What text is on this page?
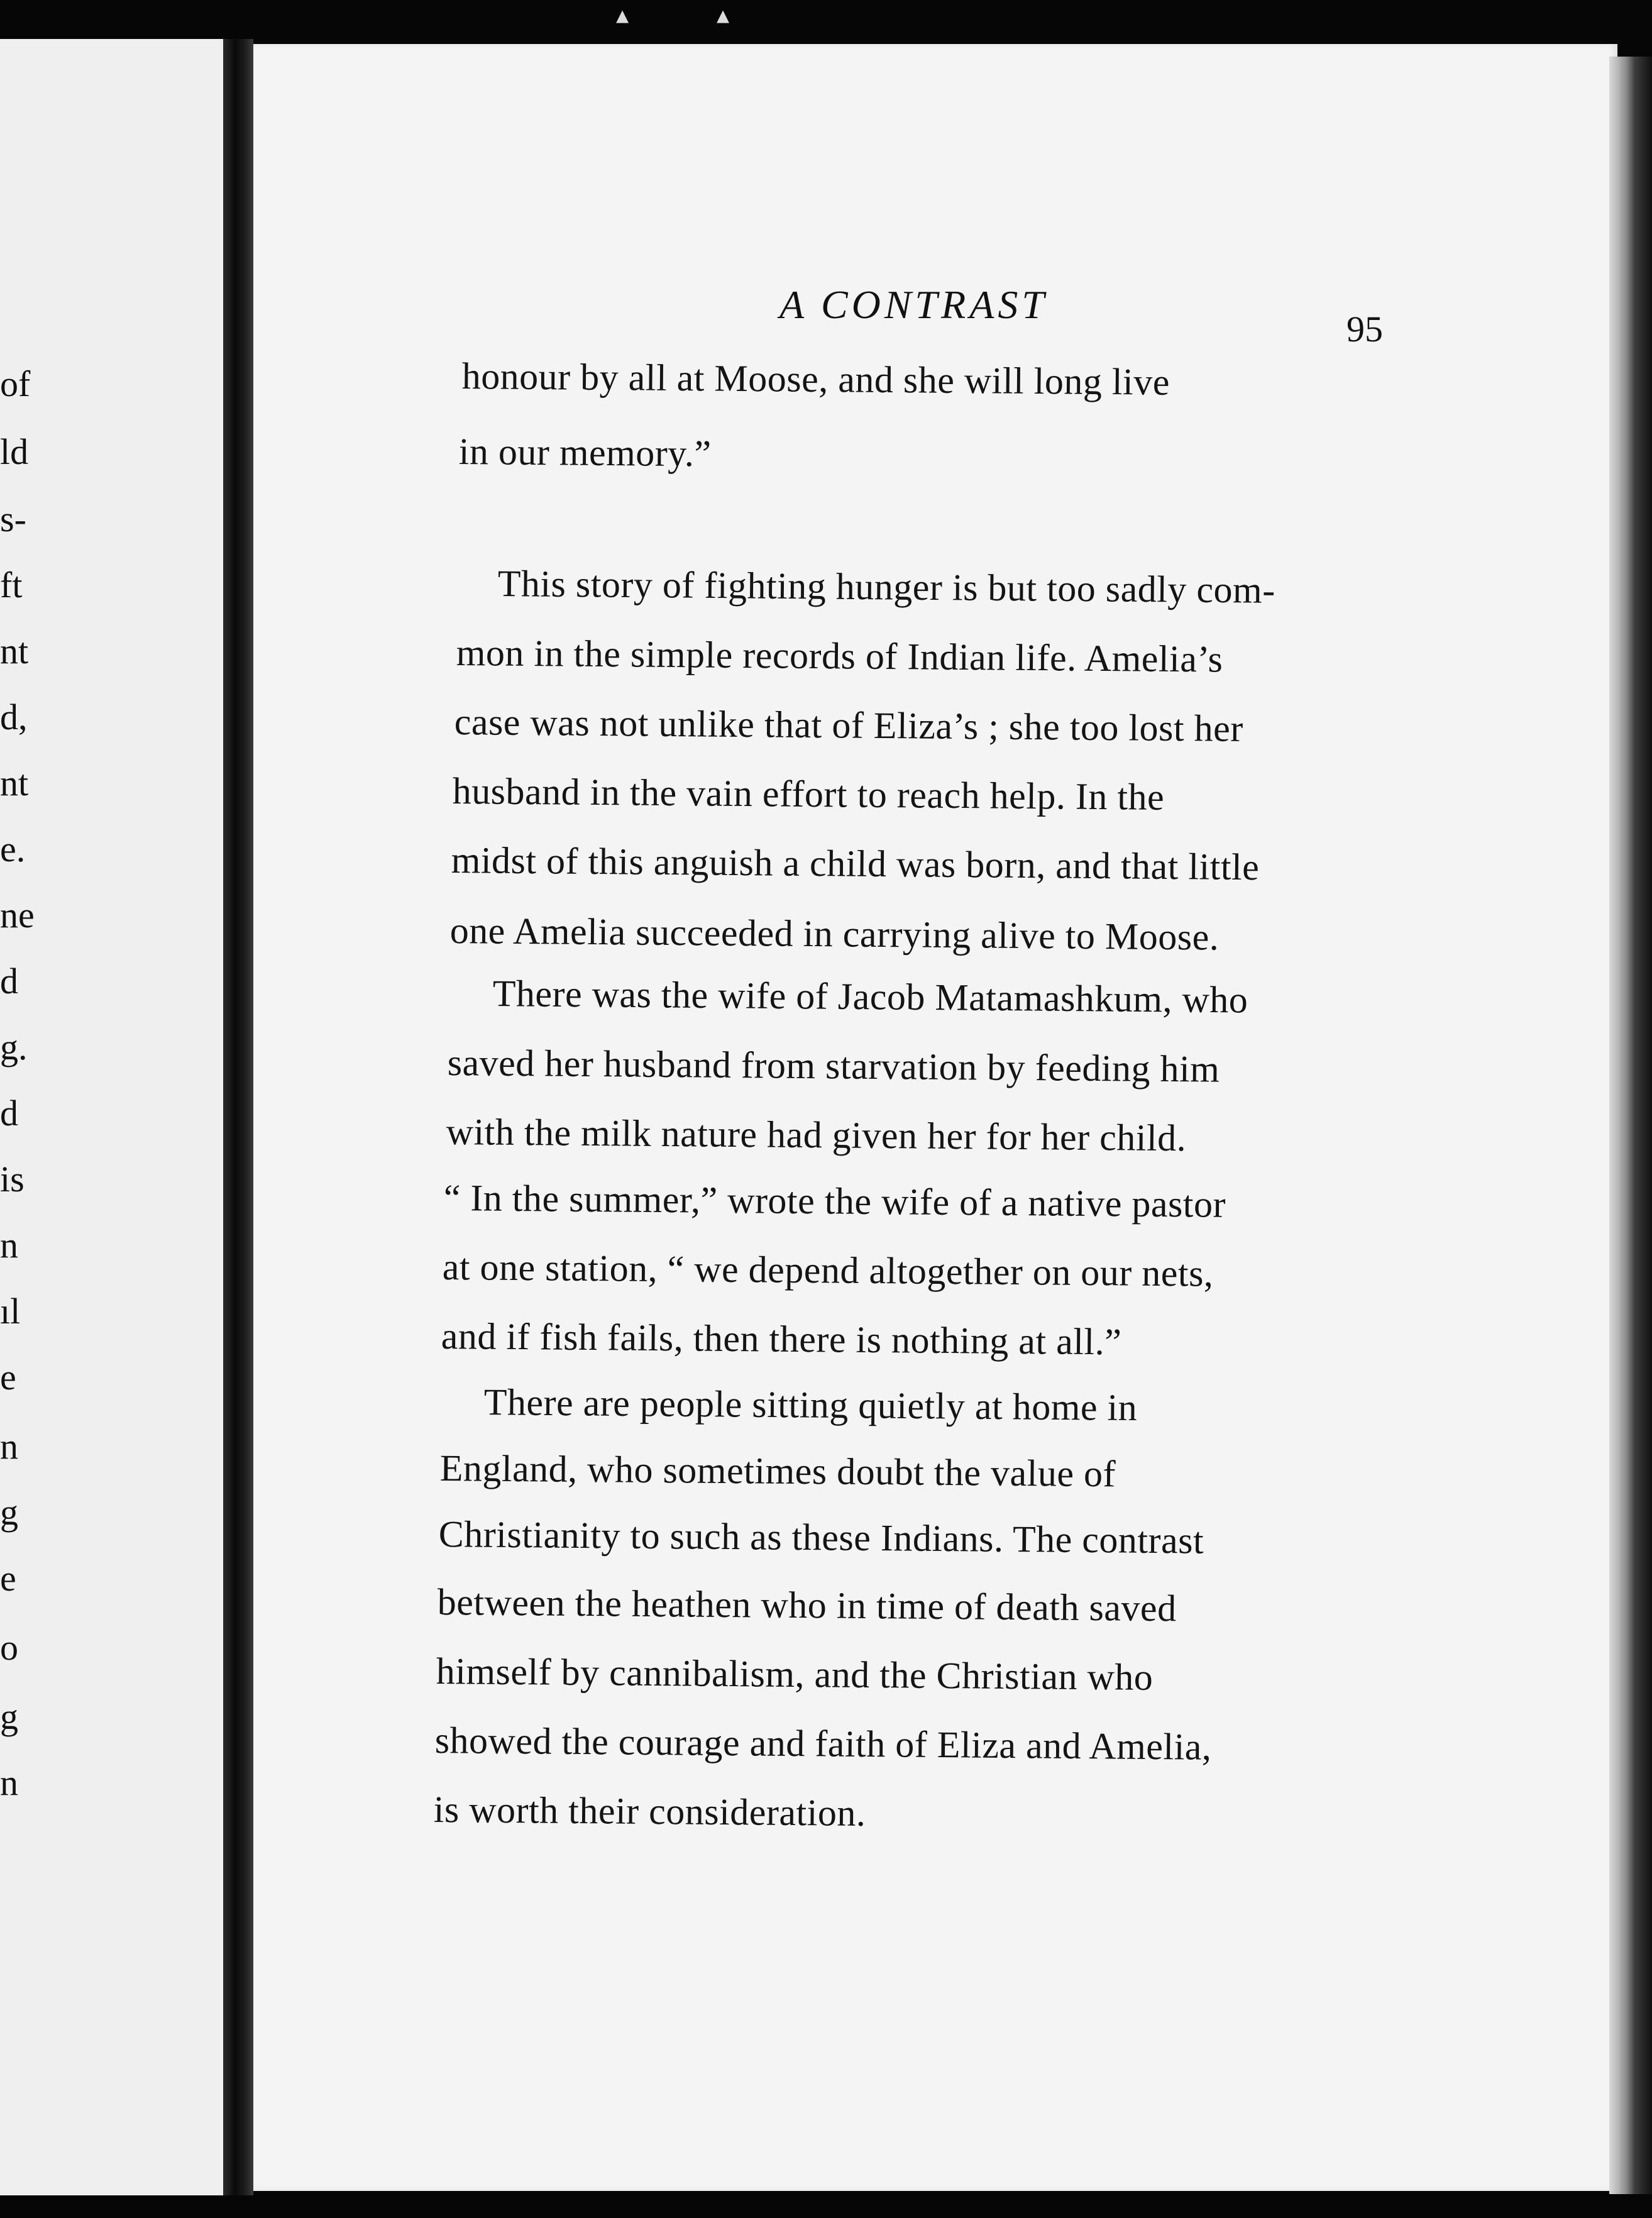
▴	▴
of
ld
s-
ft
nt
d,
nt
e.
ne
d
g.
d
is
n
ıl
e
n
g
e
o
g
n
A CONTRAST
95
honour by all at Moose, and she will long live
in our memory.”
This story of fighting hunger is but too sadly com-
mon in the simple records of Indian life. Amelia’s
case was not unlike that of Eliza’s ; she too lost her
husband in the vain effort to reach help. In the
midst of this anguish a child was born, and that little
one Amelia succeeded in carrying alive to Moose.
There was the wife of Jacob Matamashkum, who
saved her husband from starvation by feeding him
with the milk nature had given her for her child.
“ In the summer,” wrote the wife of a native pastor
at one station, “ we depend altogether on our nets,
and if fish fails, then there is nothing at all.”
There are people sitting quietly at home in
England, who sometimes doubt the value of
Christianity to such as these Indians. The contrast
between the heathen who in time of death saved
himself by cannibalism, and the Christian who
showed the courage and faith of Eliza and Amelia,
is worth their consideration.
